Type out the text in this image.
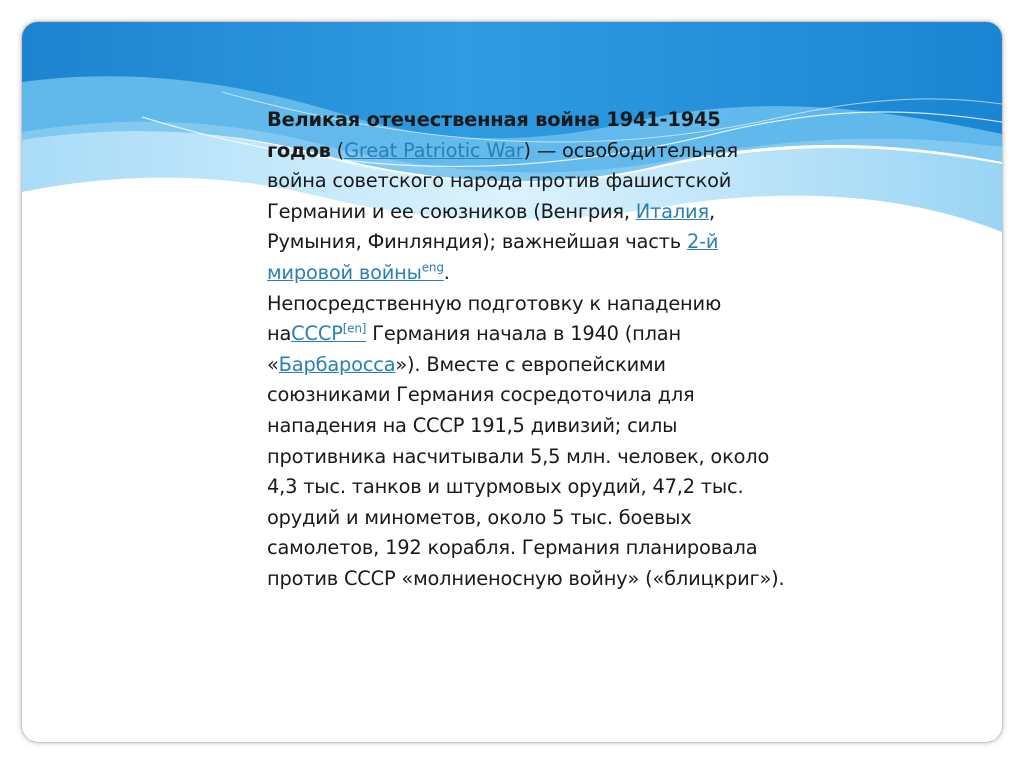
Великая отечественная война 1941-1945 годов (Great Patriotic War) — освободительная война советского народа против фашистской Германии и ее союзников (Венгрия, Италия, Румыния, Финляндия); важнейшая часть 2-й мировой войны$^{eng}$.
Непосредственную подготовку к нападению наСССР[en] Германия начала в 1940 (план «Барбаросса»). Вместе с европейскими союзниками Германия сосредоточила для нападения на СССР 191,5 дивизий; силы противника насчитывали 5,5 млн. человек, около 4,3 тыс. танков и штурмовых орудий, 47,2 тыс. орудий и минометов, около 5 тыс. боевых самолетов, 192 корабля. Германия планировала против СССР «молниеносную войну» («блицкриг»).
